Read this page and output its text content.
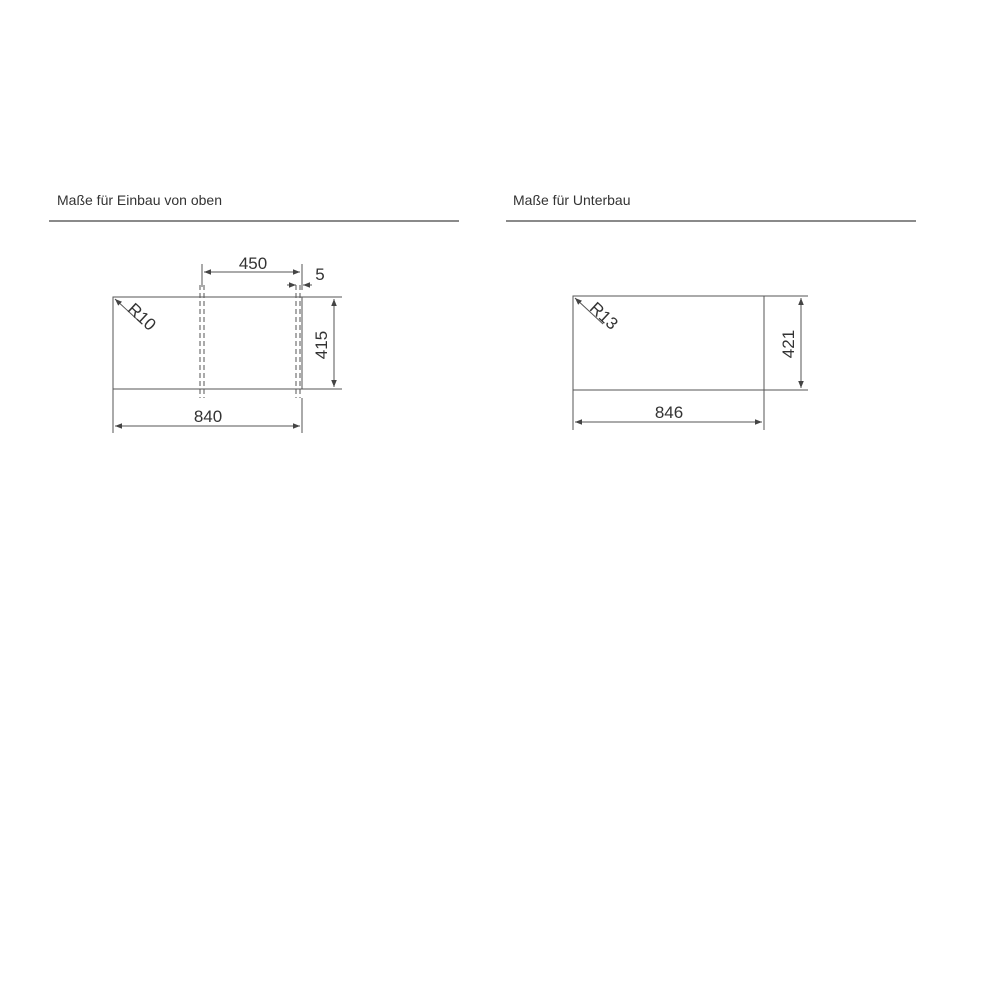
Maße für Einbau von oben	Maße für Unterbau
450
5
415
840
R10
421
846
R13
